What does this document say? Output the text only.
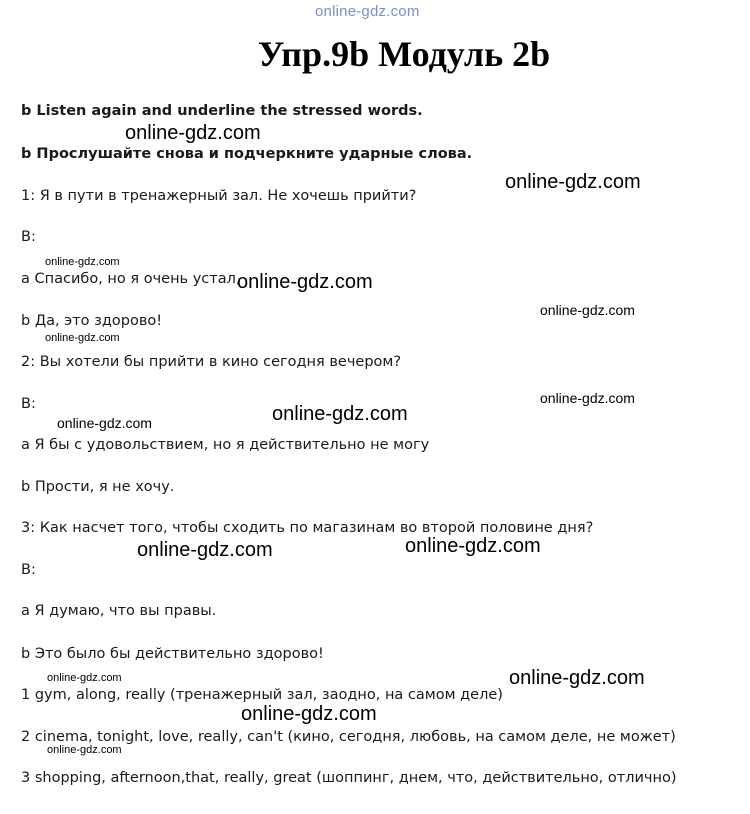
online-gdz.com
Упр.9b Модуль 2b
b Listen again and underline the stressed words.
b Прослушайте снова и подчеркните ударные слова.
1: Я в пути в тренажерный зал. Не хочешь прийти?
B:
а Спасибо, но я очень устал,
b Да, это здорово!
2: Вы хотели бы прийти в кино сегодня вечером?
B:
а Я бы с удовольствием, но я действительно не могу
b Прости, я не хочу.
3: Как насчет того, чтобы сходить по магазинам во второй половине дня?
B:
а Я думаю, что вы правы.
b Это было бы действительно здорово!
1 gym, along, really (тренажерный зал, заодно, на самом деле)
2 cinema, tonight, love, really, can't (кино, сегодня, любовь, на самом деле, не может)
3 shopping, afternoon,that, really, great (шоппинг, днем, что, действительно, отлично)
online-gdz.com
online-gdz.com
online-gdz.com
online-gdz.com
online-gdz.com
online-gdz.com
online-gdz.com
online-gdz.com
online-gdz.com
online-gdz.com
online-gdz.com
online-gdz.com
online-gdz.com
online-gdz.com
online-gdz.com
